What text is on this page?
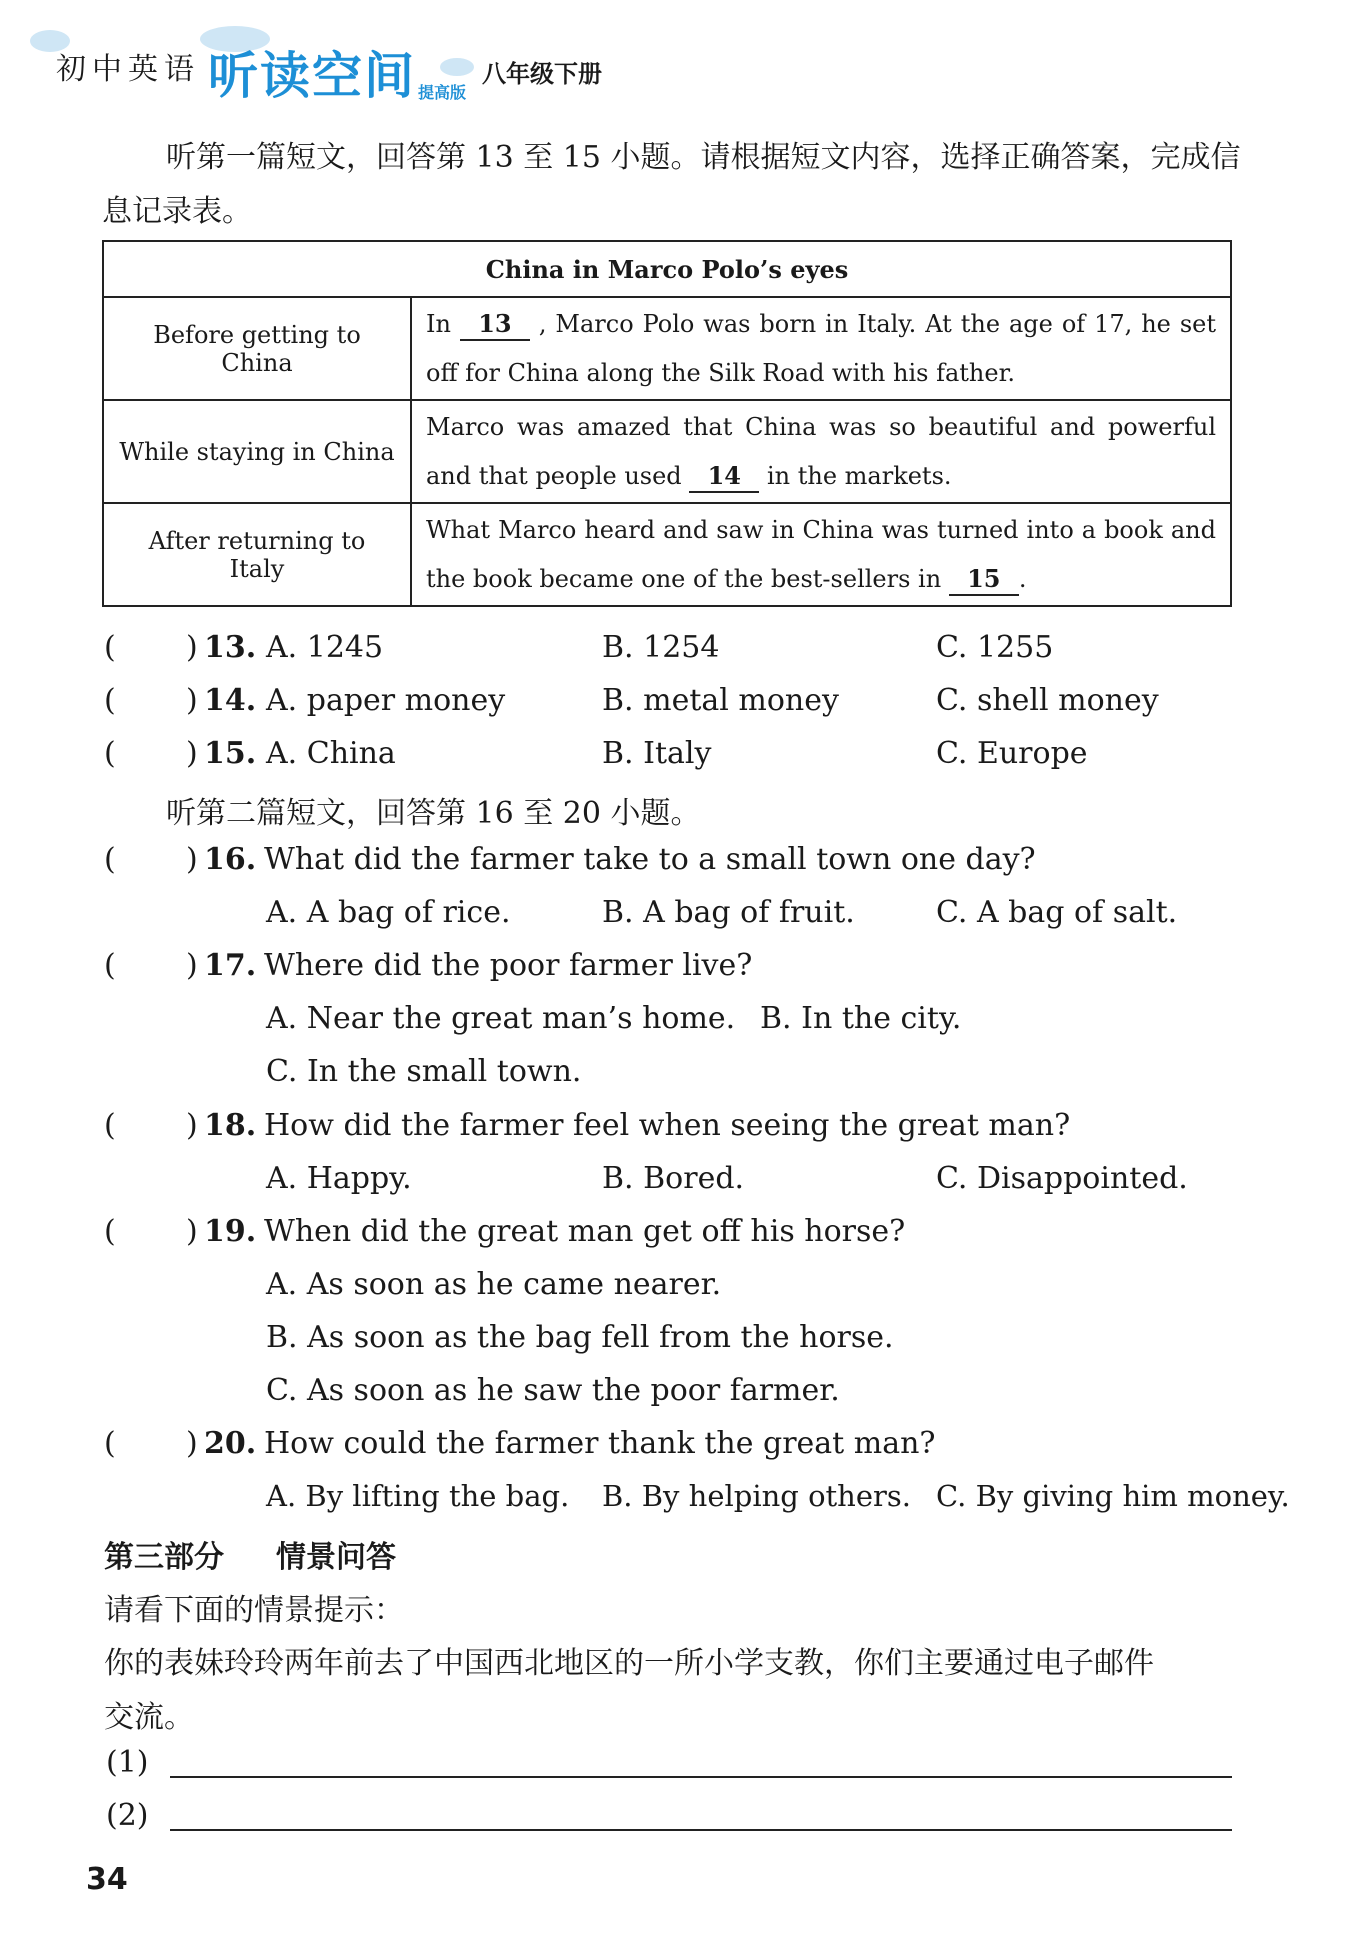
初中英语 听读空间 提高版
八年级下册
听第一篇短文，回答第 13 至 15 小题。请根据短文内容，选择正确答案，完成信
息记录表。
China in Marco Polo’s eyes	
Before getting to China	In 13 , Marco Polo was born in Italy. At the age of 17, he set off for China along the Silk Road with his father.
While staying in China	Marco was amazed that China was so beautiful and powerful and that people used 14 in the markets.
After returning to Italy	What Marco heard and saw in China was turned into a book and the book became one of the best-sellers in 15 .
( ) 13. A. 1245	B. 1254	C. 1255
( ) 14. A. paper money	B. metal money	C. shell money
( ) 15. A. China	B. Italy	C. Europe
听第二篇短文，回答第 16 至 20 小题。
( ) 16. What did the farmer take to a small town one day?
A. A bag of rice.	B. A bag of fruit.	C. A bag of salt.
( ) 17. Where did the poor farmer live?
A. Near the great man’s home. B. In the city.
C. In the small town.
( ) 18. How did the farmer feel when seeing the great man?
A. Happy.	B. Bored.	C. Disappointed.
( ) 19. When did the great man get off his horse?
A. As soon as he came nearer.
B. As soon as the bag fell from the horse.
C. As soon as he saw the poor farmer.
( ) 20. How could the farmer thank the great man?
A. By lifting the bag. B. By helping others. C. By giving him money.
第三部分 情景问答
请看下面的情景提示：
你的表妹玲玲两年前去了中国西北地区的一所小学支教，你们主要通过电子邮件
交流。
(1)
(2)
34
